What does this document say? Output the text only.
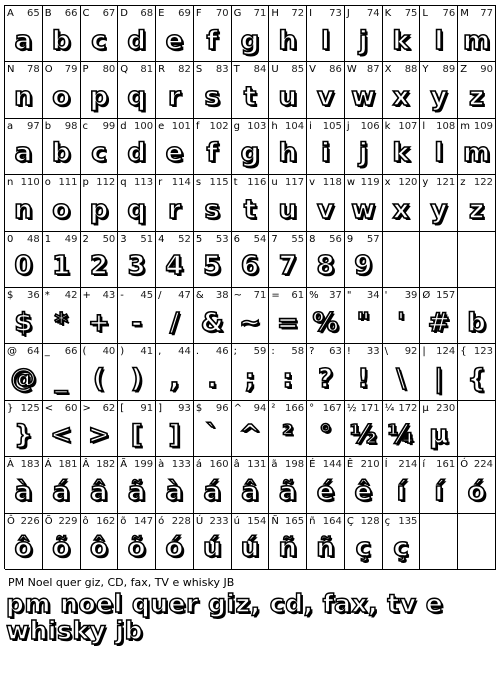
A 65
a
B 66
b
C 67
c
D 68
d
E 69
e
F 70
f
G 71
g
H 72
h
I 73
l
J 74
j
K 75
k
L 76
l
M 77
m
N 78
n
O 79
o
P 80
p
Q 81
q
R 82
r
S 83
s
T 84
t
U 85
u
V 86
v
W 87
w
X 88
x
Y 89
y
Z 90
z
a 97
a
b 98
b
c 99
c
d 100
d
e 101
e
f 102
f
g 103
g
h 104
h
i 105
i
j 106
j
k 107
k
l 108
l
m 109
m
n 110
n
o 111
o
p 112
p
q 113
q
r 114
r
s 115
s
t 116
t
u 117
u
v 118
v
w 119
w
x 120
x
y 121
y
z 122
z
0 48
0
1 49
1
2 50
2
3 51
3
4 52
4
5 53
5
6 54
6
7 55
7
8 56
8
9 57
9
$ 36
$
* 42
*
+ 43
+
- 45
-
/ 47
/
& 38
&
~ 71
~
= 61
=
% 37
%
" 34
"
' 39
'
Ø 157
# b
@ 64
@
_ 66
_
( 40
(
) 41
)
, 44
,
. 46
.
; 59
;
: 58
:
? 63
?
! 33
!
\ 92
\
| 124
|
{ 123
{
} 125
}
< 60
<
> 62
>
[ 91
[
] 93
]
$ 96
`
^ 94
^
² 166
²
° 167
°
½ 171
½
¼ 172
¼
µ 230
µ
À 183
à
Á 181
á
Â 182
â
Ã 199
ã
à 133
à
á 160
á
â 131
â
ã 198
ã
É 144
é
Ê 210
ê
Í 214
í
í 161
í
Ó 224
ó
Ô 226
ô
Õ 229
õ
ô 162
ô
õ 147
õ
ó 228
ó
Ú 233
ú
ú 154
ú
Ñ 165
ñ
ñ 164
ñ
Ç 128
ç
ç 135
ç
PM Noel quer giz, CD, fax, TV e whisky JB
pm noel quer giz, cd, fax, tv e whisky jb
